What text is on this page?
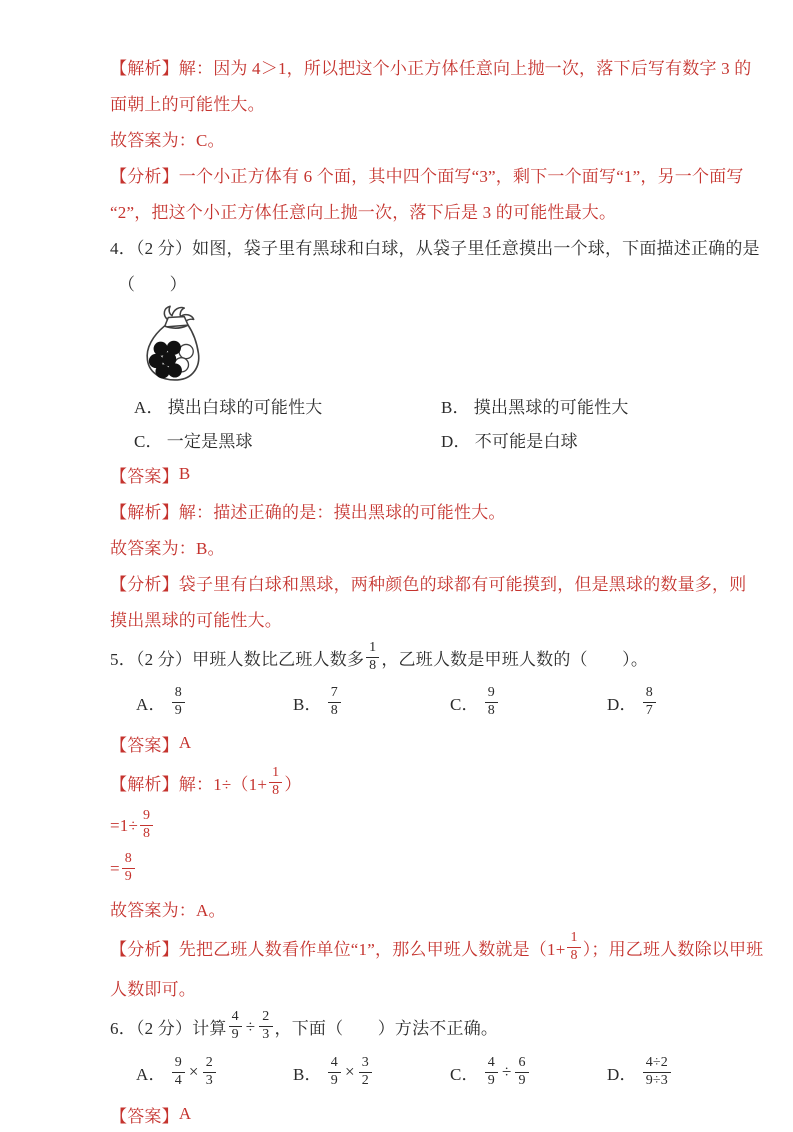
【解析】解：因为 4＞1，所以把这个小正方体任意向上抛一次，落下后写有数字 3 的
面朝上的可能性大。
故答案为：C。
【分析】一个小正方体有 6 个面，其中四个面写“3”，剩下一个面写“1”，另一个面写
“2”，把这个小正方体任意向上抛一次，落下后是 3 的可能性最大。
4．（2 分）如图，袋子里有黑球和白球，从袋子里任意摸出一个球，下面描述正确的是
（　　）
A． 摸出白球的可能性大	B． 摸出黑球的可能性大
C． 一定是黑球	D． 不可能是白球
【答案】 B
【解析】解：描述正确的是：摸出黑球的可能性大。
故答案为：B。
【分析】袋子里有白球和黑球，两种颜色的球都有可能摸到，但是黑球的数量多，则
摸出黑球的可能性大。
5．（2 分）甲班人数比乙班人数多 $\frac{1}{8}$ ，乙班人数是甲班人数的（　　）。
A． $\frac{8}{9}$	B． $\frac{7}{8}$	C． $\frac{9}{8}$	D． $\frac{8}{7}$
【答案】 A
【解析】解：$1\div(1+ \frac{1}{8}$ ）
$=1\div \frac{9}{8}$
= $\frac{8}{9}$
故答案为：A。
【分析】先把乙班人数看作单位“1”，那么甲班人数就是（$1+ \frac{1}{8}$ ）；用乙班人数除以甲班
人数即可。
6．（2 分）计算 $\frac{4}{9} \div \frac{2}{3}$ ，下面（　　）方法不正确。
A． $\frac{9}{4} \times \frac{2}{3}$	B． $\frac{4}{9} \times \frac{3}{2}$	C． $\frac{4}{9} \div \frac{6}{9}$	D． $\frac{4\div 2}{9\div 3}$
【答案】 A
